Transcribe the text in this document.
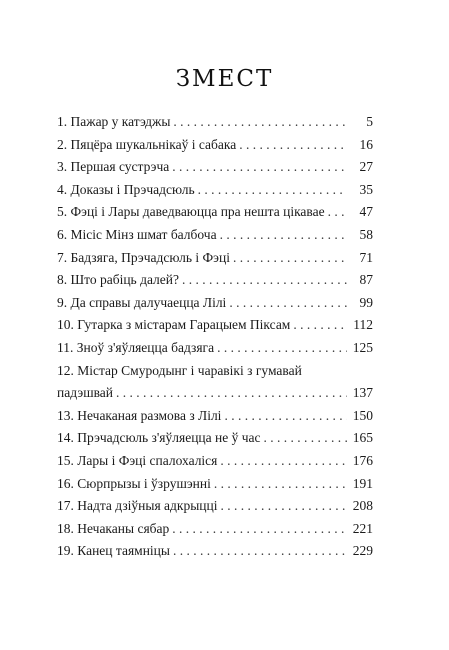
ЗМЕСТ
1.
Пажар у катэджы . . .	5
2.
Пяцёра шукальнікаў і сабака . . .	16
3.
Першая сустрэча . . .	27
4.
Доказы і Прэчадсюль . . .	35
5.
Фэці і Лары даведваюцца пра нешта цікавае . . .	47
6.
Місіс Мінз шмат балбоча . . .	58
7.
Бадзяга, Прэчадсюль і Фэці . . .	71
8.
Што рабіць далей? . . .	87
9.
Да справы далучаецца Лілі . . .	99
10.
Гутарка з містарам Гарацыем Піксам . . .	112
11.
Зноў з'яўляецца бадзяга . . .	125
12.
Містар Смуродынг і чаравікі з гумавай
падэшвай . . .	137
13.
Нечаканая размова з Лілі . . .	150
14.
Прэчадсюль з'яўляецца не ў час . . .	165
15.
Лары і Фэці спалохаліся . . .	176
16.
Сюрпрызы і ўзрушэнні . . .	191
17.
Надта дзіўныя адкрыцці . . .	208
18.
Нечаканы сябар . . .	221
19.
Канец таямніцы . . .	229
